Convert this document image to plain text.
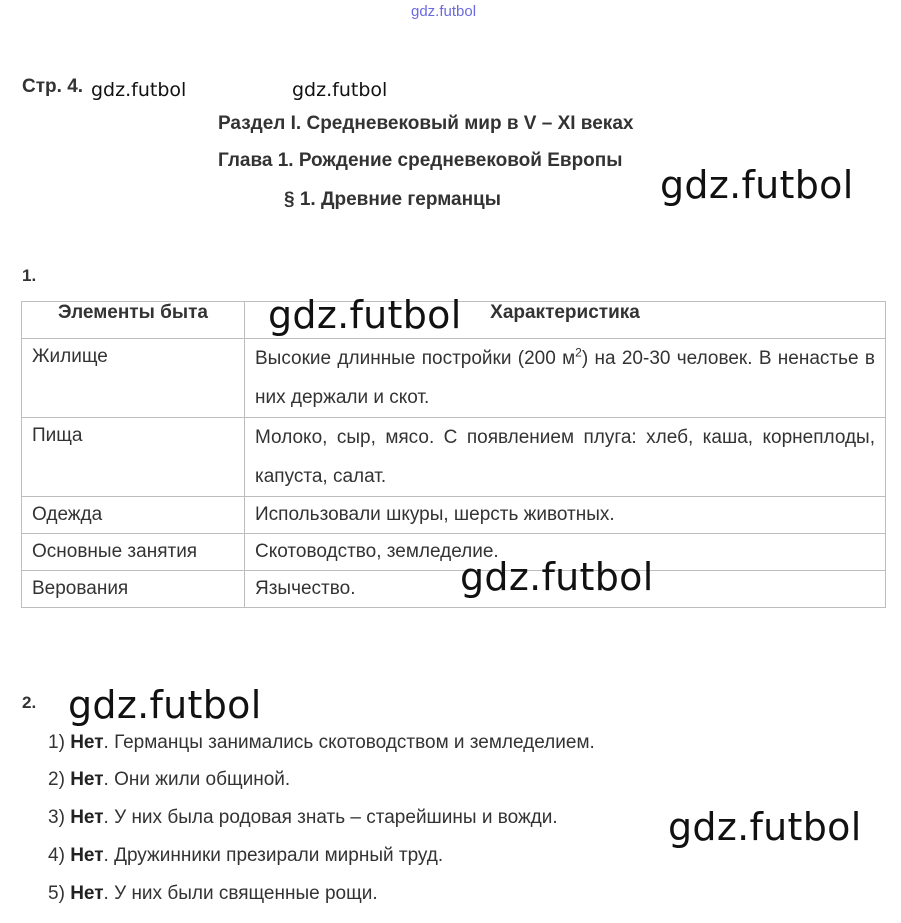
gdz.futbol
Стр. 4. gdz.futbol	gdz.futbol
Раздел I. Средневековый мир в V – XI веках
Глава 1. Рождение средневековой Европы
§ 1. Древние германцы	gdz.futbol
1.
Элементы быта	Характеристика
Жилище	Высокие длинные постройки (200 $м^2$) на 20-30 человек. В ненастье в них держали и скот.
Пища	Молоко, сыр, мясо. С появлением плуга: хлеб, каша, корнеплоды, капуста, салат.
Одежда	Использовали шкуры, шерсть животных.
Основные занятия	Скотоводство, земледелие.
Верования	Язычество.
gdz.futbol
gdz.futbol
2. gdz.futbol
1) Нет. Германцы занимались скотоводством и земледелием.
2) Нет. Они жили общиной.
3) Нет. У них была родовая знать – старейшины и вожди.
4) Нет. Дружинники презирали мирный труд.
5) Нет. У них были священные рощи.
gdz.futbol
